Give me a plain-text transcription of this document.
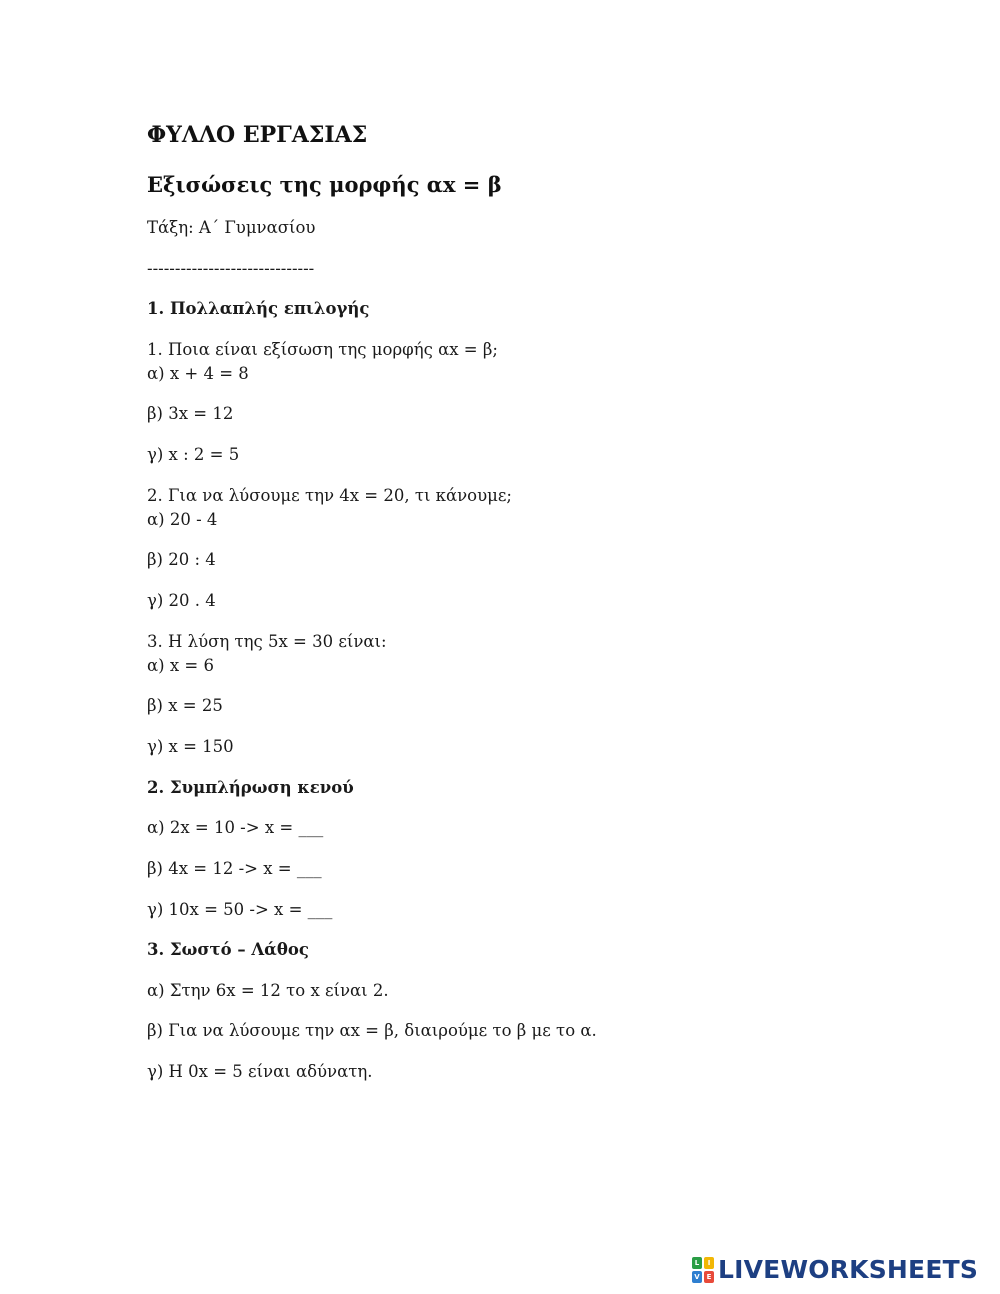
ΦΥΛΛΟ ΕΡΓΑΣΙΑΣ
Εξισώσεις της μορφής αx = β
Τάξη: Α΄ Γυμνασίου
------------------------------
1. Πολλαπλής επιλογής
1. Ποια είναι εξίσωση της μορφής αx = β;
α) x + 4 = 8
β) 3x = 12
γ) x : 2 = 5
2. Για να λύσουμε την 4x = 20, τι κάνουμε;
α) 20 - 4
β) 20 : 4
γ) 20 . 4
3. Η λύση της 5x = 30 είναι:
α) x = 6
β) x = 25
γ) x = 150
2. Συμπλήρωση κενού
α) 2x = 10 -> x = ___
β) 4x = 12 -> x = ___
γ) 10x = 50 -> x = ___
3. Σωστό – Λάθος
α) Στην 6x = 12 το x είναι 2.
β) Για να λύσουμε την αx = β, διαιρούμε το β με το α.
γ) Η 0x = 5 είναι αδύνατη.
L	I
V E LIVEWORKSHEETS
